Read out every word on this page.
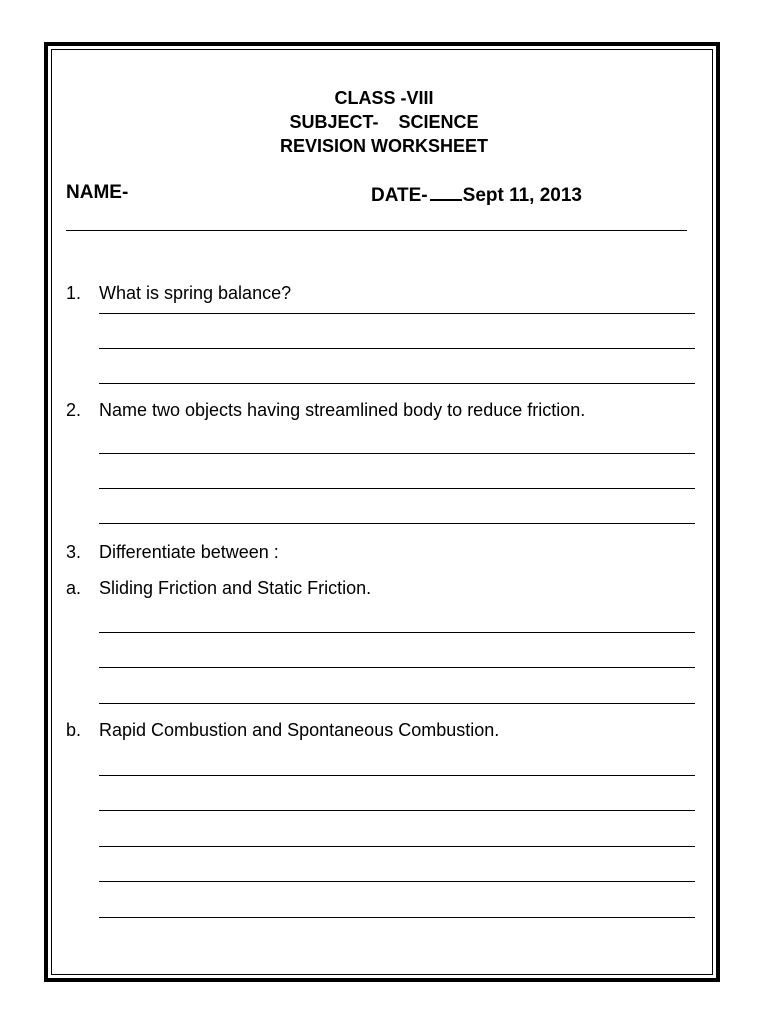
CLASS -VIII
SUBJECT-    SCIENCE
REVISION WORKSHEET
NAME-	DATE- Sept 11, 2013
1. What is spring balance?
2. Name two objects having streamlined body to reduce friction.
3. Differentiate between :
a. Sliding Friction and Static Friction.
b. Rapid Combustion and Spontaneous Combustion.
